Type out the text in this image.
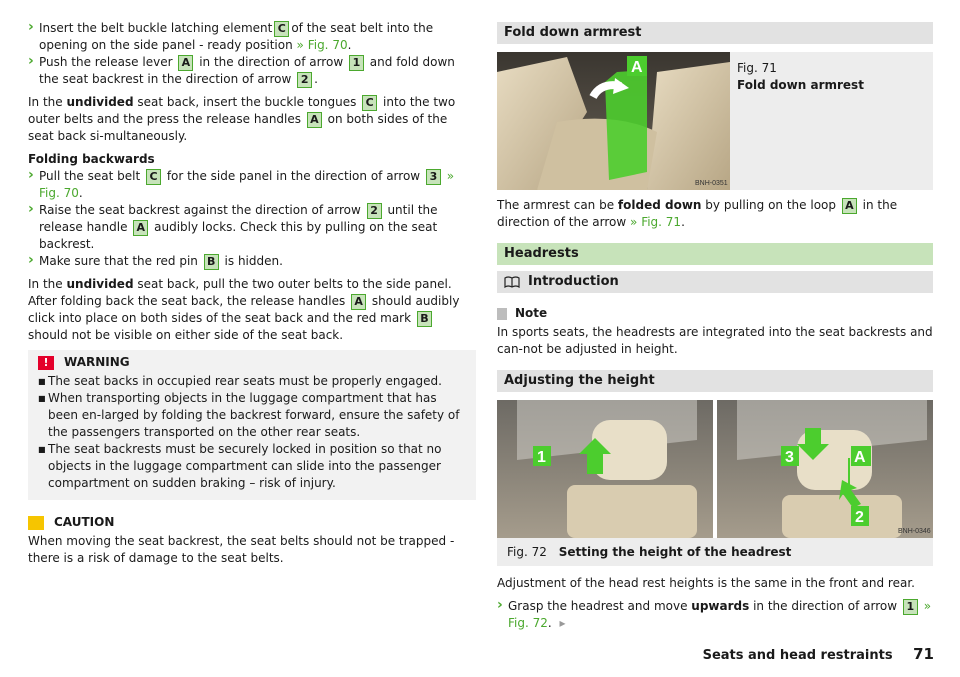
› Insert the belt buckle latching element C of the seat belt into the opening on the side panel - ready position » Fig. 70.

› Push the release lever A in the direction of arrow 1 and fold down the seat backrest in the direction of arrow 2 .

In the undivided seat back, insert the buckle tongues C into the two outer belts and the press the release handles A on both sides of the seat back si-multaneously.

Folding backwards

› Pull the seat belt C for the side panel in the direction of arrow 3 » Fig. 70.

› Raise the seat backrest against the direction of arrow 2 until the release handle A audibly locks. Check this by pulling on the seat backrest.

› Make sure that the red pin B is hidden.

In the undivided seat back, pull the two outer belts to the side panel. After folding back the seat back, the release handles A should audibly click into place on both sides of the seat back and the red mark B should not be visible on either side of the seat back.

!	WARNING
■ The seat backs in occupied rear seats must be properly engaged.
■ When transporting objects in the luggage compartment that has been en-larged by folding the backrest forward, ensure the safety of the passengers transported on the other rear seats.
■ The seat backrests must be securely locked in position so that no objects in the luggage compartment can slide into the passenger compartment on sudden braking – risk of injury.
CAUTION
When moving the seat backrest, the seat belts should not be trapped - there is a risk of damage to the seat belts.
Fold down armrest
A
BNH-0351
Fig. 71
Fold down armrest

The armrest can be folded down by pulling on the loop A in the direction of the arrow » Fig. 71.

Headrests
Introduction
Note
In sports seats, the headrests are integrated into the seat backrests and can-not be adjusted in height.
Adjusting the height
1	3	A
2
BNH-0346
Fig. 72 Setting the height of the headrest

Adjustment of the head rest heights is the same in the front and rear.

› Grasp the headrest and move upwards in the direction of arrow 1 » Fig. 72. ▸

Seats and head restraints 71
